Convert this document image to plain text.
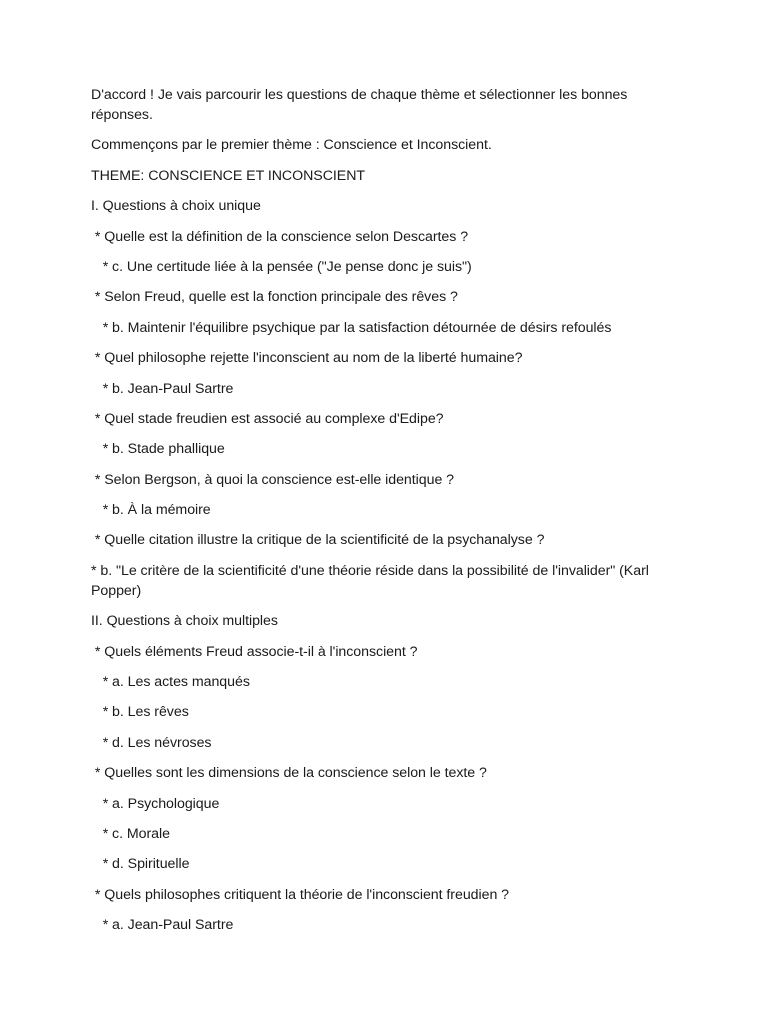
D'accord ! Je vais parcourir les questions de chaque thème et sélectionner les bonnes réponses.

Commençons par le premier thème : Conscience et Inconscient.

THEME: CONSCIENCE ET INCONSCIENT

I. Questions à choix unique

* Quelle est la définition de la conscience selon Descartes ?

* c. Une certitude liée à la pensée ("Je pense donc je suis")

* Selon Freud, quelle est la fonction principale des rêves ?

* b. Maintenir l'équilibre psychique par la satisfaction détournée de désirs refoulés

* Quel philosophe rejette l'inconscient au nom de la liberté humaine?

* b. Jean-Paul Sartre

* Quel stade freudien est associé au complexe d'Edipe?

* b. Stade phallique

* Selon Bergson, à quoi la conscience est-elle identique ?

* b. À la mémoire

* Quelle citation illustre la critique de la scientificité de la psychanalyse ?

* b. "Le critère de la scientificité d'une théorie réside dans la possibilité de l'invalider" (Karl Popper)

II. Questions à choix multiples

* Quels éléments Freud associe-t-il à l'inconscient ?

* a. Les actes manqués

* b. Les rêves

* d. Les névroses

* Quelles sont les dimensions de la conscience selon le texte ?

* a. Psychologique

* c. Morale

* d. Spirituelle

* Quels philosophes critiquent la théorie de l'inconscient freudien ?

* a. Jean-Paul Sartre
